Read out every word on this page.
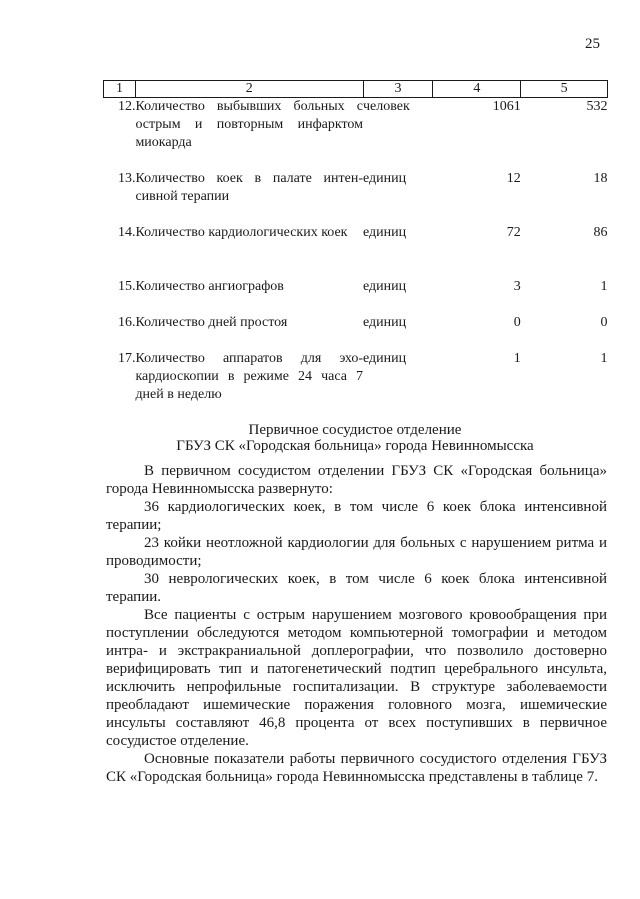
25
1	2	3	4	5
12.	Количество выбывших больных с острым и повторным инфарктом миокарда	человек	1061	532
13.	Количество коек в палате интен-сивной терапии	единиц	12	18
14.	Количество кардиологических коек	единиц	72	86
15.	Количество ангиографов	единиц	3	1
16.	Количество дней простоя	единиц	0	0
17.	Количество аппаратов для эхо-кардиоскопии в режиме 24 часа 7 дней в неделю	единиц	1	1
Первичное сосудистое отделение
ГБУЗ СК «Городская больница» города Невинномысска

В первичном сосудистом отделении ГБУЗ СК «Городская больница» города Невинномысска развернуто:

36 кардиологических коек, в том числе 6 коек блока интенсивной терапии;

23 койки неотложной кардиологии для больных с нарушением ритма и проводимости;

30 неврологических коек, в том числе 6 коек блока интенсивной терапии.

Все пациенты с острым нарушением мозгового кровообращения при поступлении обследуются методом компьютерной томографии и методом интра- и экстракраниальной доплерографии, что позволило достоверно верифицировать тип и патогенетический подтип церебрального инсульта, исключить непрофильные госпитализации. В структуре заболеваемости преобладают ишемические поражения головного мозга, ишемические инсульты составляют 46,8 процента от всех поступивших в первичное сосудистое отделение.

Основные показатели работы первичного сосудистого отделения ГБУЗ СК «Городская больница» города Невинномысска представлены в таблице 7.
